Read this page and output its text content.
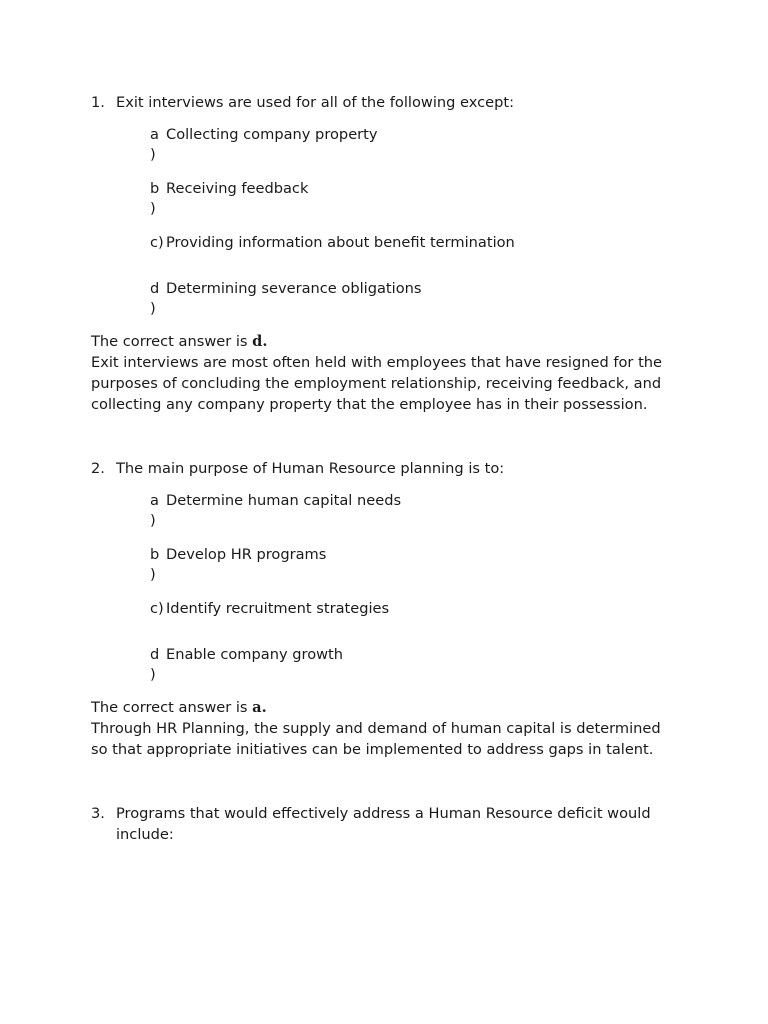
1. Exit interviews are used for all of the following except:
a
)
Collecting company property
b
)
Receiving feedback
c) Providing information about benefit termination
d
)
Determining severance obligations
The correct answer is d.
Exit interviews are most often held with employees that have resigned for the purposes of concluding the employment relationship, receiving feedback, and collecting any company property that the employee has in their possession.
2. The main purpose of Human Resource planning is to:
a
)
Determine human capital needs
b
)
Develop HR programs
c) Identify recruitment strategies
d
)
Enable company growth
The correct answer is a.
Through HR Planning, the supply and demand of human capital is determined so that appropriate initiatives can be implemented to address gaps in talent.
3. Programs that would effectively address a Human Resource deficit would include:
